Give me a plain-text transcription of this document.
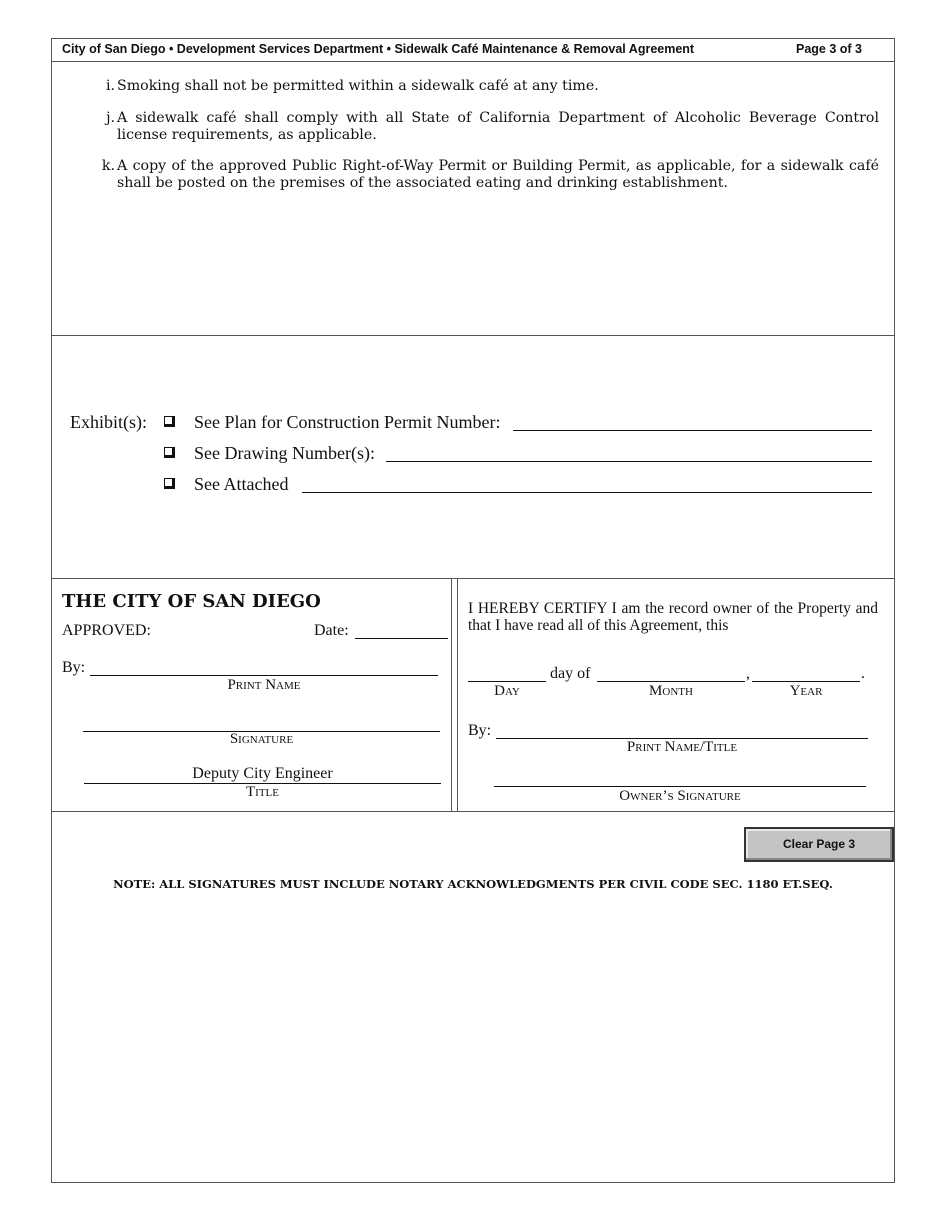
City of San Diego • Development Services Department • Sidewalk Café Maintenance & Removal Agreement	Page 3 of 3
i. Smoking shall not be permitted within a sidewalk café at any time.
j. A sidewalk café shall comply with all State of California Department of Alcoholic Beverage Control license requirements, as applicable.
k. A copy of the approved Public Right-of-Way Permit or Building Permit, as applicable, for a sidewalk café shall be posted on the premises of the associated eating and drinking establishment.
Exhibit(s):	See Plan for Construction Permit Number:
See Drawing Number(s):
See Attached
THE CITY OF SAN DIEGO
APPROVED:	Date:
By:
Print Name
Signature
Deputy City Engineer
Title
I HEREBY CERTIFY I am the record owner of the Property and that I have read all of this Agreement, this
day of	,	.
Day	Month	Year
By:
Print Name/Title
Owner’s Signature
Clear Page 3
NOTE: ALL SIGNATURES MUST INCLUDE NOTARY ACKNOWLEDGMENTS PER CIVIL CODE SEC. 1180 ET.SEQ.
